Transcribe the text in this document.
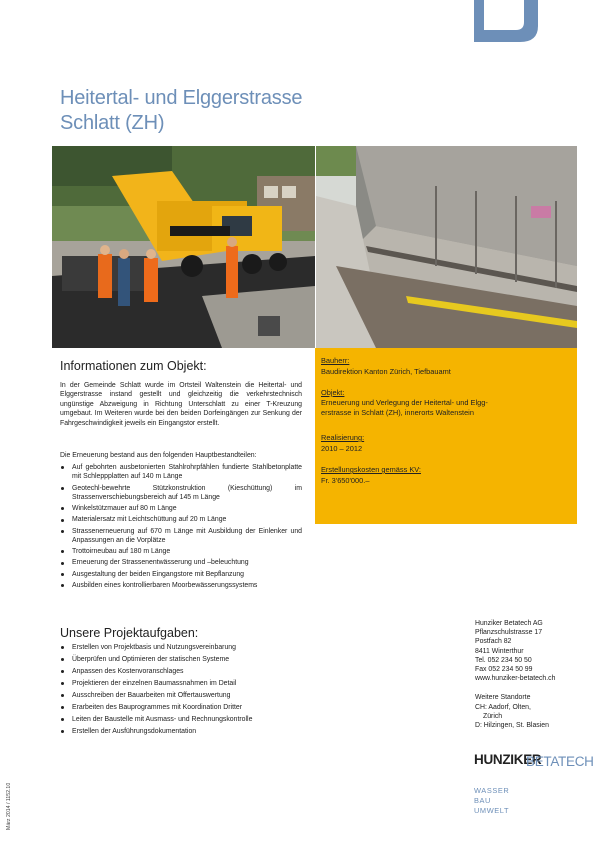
Heitertal- und Elggerstrasse
Schlatt (ZH)
Bauherr:
Baudirektion Kanton Zürich, Tiefbauamt
Objekt:
Erneuerung und Verlegung der Heitertal- und Elgg-
erstrasse in Schlatt (ZH), innerorts Waltenstein
Realisierung:
2010 – 2012
Erstellungskosten gemäss KV:
Fr. 3'650'000.–
Informationen zum Objekt:

In der Gemeinde Schlatt wurde im Ortsteil Waltenstein die Heitertal- und Elggerstrasse instand gestellt und gleichzeitig die verkehrstechnisch ungünstige Abzweigung in Richtung Unterschlatt zu einer T-Kreuzung umgebaut. Im Weiteren wurde bei den beiden Dorfeingängen zur Senkung der Fahrgeschwindigkeit jeweils ein Eingangstor erstellt.

Die Erneuerung bestand aus den folgenden Hauptbestandteilen:

Auf gebohrten ausbetonierten Stahlrohrpfählen fundierte Stahlbetonplatte mit Schleppplatten auf 140 m Länge
Geotechl-bewehrte Stützkonstruktion (Kieschüttung) im Strassenverschiebungsbereich auf 145 m Länge
Winkelstützmauer auf 80 m Länge
Materialersatz mit Leichtschüttung auf 20 m Länge
Strassenerneuerung auf 670 m Länge mit Ausbildung der Einlenker und Anpassungen an die Vorplätze
Trottoirneubau auf 180 m Länge
Erneuerung der Strassenentwässerung und –beleuchtung
Ausgestaltung der beiden Eingangstore mit Bepflanzung
Ausbilden eines kontrollierbaren Moorbewässerungssystems
Unsere Projektaufgaben:
Erstellen von Projektbasis und Nutzungsvereinbarung
Überprüfen und Optimieren der statischen Systeme
Anpassen des Kostenvoranschlages
Projektieren der einzelnen Baumassnahmen im Detail
Ausschreiben der Bauarbeiten mit Offertauswertung
Erarbeiten des Bauprogrammes mit Koordination Dritter
Leiten der Baustelle mit Ausmass- und Rechnungskontrolle
Erstellen der Ausführungsdokumentation
Hunziker Betatech AG
Pflanzschulstrasse 17
Postfach 82
8411 Winterthur
Tel. 052 234 50 50
Fax 052 234 50 99
www.hunziker-betatech.ch
Weitere Standorte
CH: Aadorf, Olten,
Zürich
D: Hilzingen, St. Blasien
HUNZIKER
BETATECH
WASSER
BAU
UMWELT
März 2014 / 1152.10
